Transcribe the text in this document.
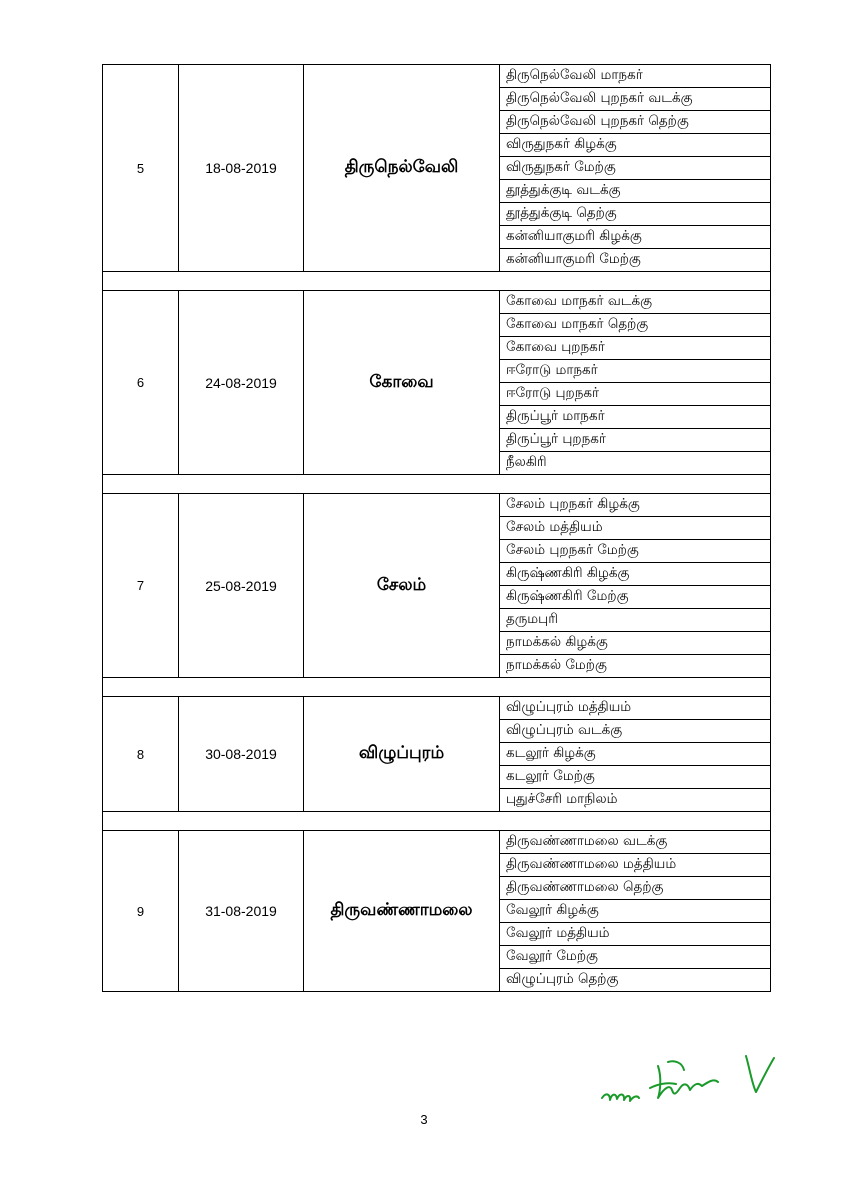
5	18-08-2019	திருநெல்வேலி	திருநெல்வேலி மாநகர்
			திருநெல்வேலி புறநகர் வடக்கு
			திருநெல்வேலி புறநகர் தெற்கு
			விருதுநகர் கிழக்கு
			விருதுநகர் மேற்கு
			தூத்துக்குடி வடக்கு
			தூத்துக்குடி தெற்கு
			கன்னியாகுமரி கிழக்கு
			கன்னியாகுமரி மேற்கு

6	24-08-2019	கோவை	கோவை மாநகர் வடக்கு
			கோவை மாநகர் தெற்கு
			கோவை புறநகர்
			ஈரோடு மாநகர்
			ஈரோடு புறநகர்
			திருப்பூர் மாநகர்
			திருப்பூர் புறநகர்
			நீலகிரி

7	25-08-2019	சேலம்	சேலம் புறநகர் கிழக்கு
			சேலம் மத்தியம்
			சேலம் புறநகர் மேற்கு
			கிருஷ்ணகிரி கிழக்கு
			கிருஷ்ணகிரி மேற்கு
			தருமபுரி
			நாமக்கல் கிழக்கு
			நாமக்கல் மேற்கு

8	30-08-2019	விழுப்புரம்	விழுப்புரம் மத்தியம்
			விழுப்புரம் வடக்கு
			கடலூர் கிழக்கு
			கடலூர் மேற்கு
			புதுச்சேரி மாநிலம்

9	31-08-2019	திருவண்ணாமலை	திருவண்ணாமலை வடக்கு
			திருவண்ணாமலை மத்தியம்
			திருவண்ணாமலை தெற்கு
			வேலூர் கிழக்கு
			வேலூர் மத்தியம்
			வேலூர் மேற்கு
			விழுப்புரம் தெற்கு
3
